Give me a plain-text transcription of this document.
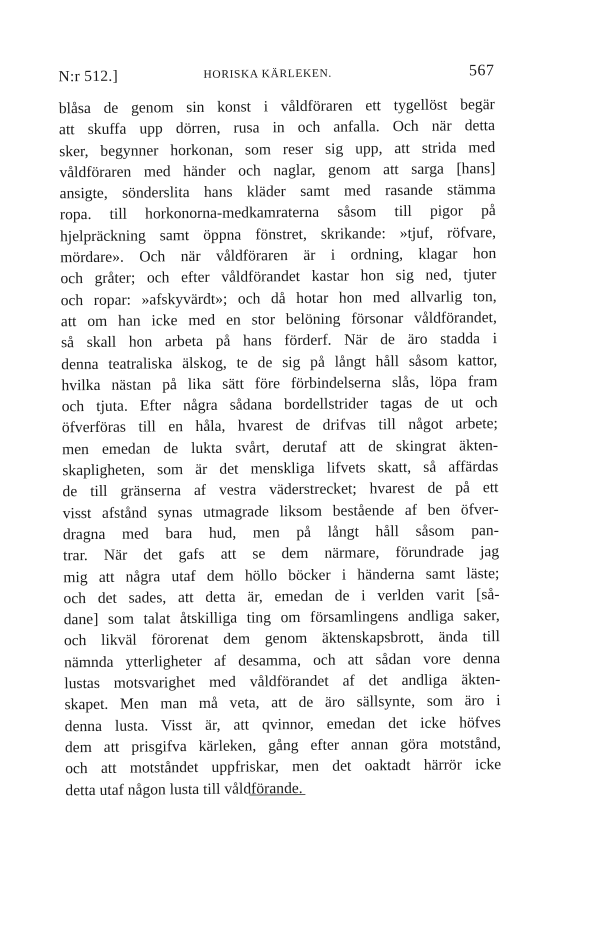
N:r 512.]	HORISKA KÄRLEKEN.	567
blåsa de genom sin konst i våldföraren ett tygellöst begär
att skuffa upp dörren, rusa in och anfalla. Och när detta
sker, begynner horkonan, som reser sig upp, att strida med
våldföraren med händer och naglar, genom att sarga [hans]
ansigte, sönderslita hans kläder samt med rasande stämma
ropa. till horkonorna-medkamraterna såsom till pigor på
hjelpräckning samt öppna fönstret, skrikande: »tjuf, röfvare,
mördare». Och när våldföraren är i ordning, klagar hon
och gråter; och efter våldförandet kastar hon sig ned, tjuter
och ropar: »afskyvärdt»; och då hotar hon med allvarlig ton,
att om han icke med en stor belöning försonar våldförandet,
så skall hon arbeta på hans förderf. När de äro stadda i
denna teatraliska älskog, te de sig på långt håll såsom kattor,
hvilka nästan på lika sätt före förbindelserna slås, löpa fram
och tjuta. Efter några sådana bordellstrider tagas de ut och
öfverföras till en håla, hvarest de drifvas till något arbete;
men emedan de lukta svårt, derutaf att de skingrat äkten-
skapligheten, som är det menskliga lifvets skatt, så affärdas
de till gränserna af vestra väderstrecket; hvarest de på ett
visst afstånd synas utmagrade liksom bestående af ben öfver-
dragna med bara hud, men på långt håll såsom pan-
trar. När det gafs att se dem närmare, förundrade jag
mig att några utaf dem höllo böcker i händerna samt läste;
och det sades, att detta är, emedan de i verlden varit [så-
dane] som talat åtskilliga ting om församlingens andliga saker,
och likväl förorenat dem genom äktenskapsbrott, ända till
nämnda ytterligheter af desamma, och att sådan vore denna
lustas motsvarighet med våldförandet af det andliga äkten-
skapet. Men man må veta, att de äro sällsynte, som äro i
denna lusta. Visst är, att qvinnor, emedan det icke höfves
dem att prisgifva kärleken, gång efter annan göra motstånd,
och att motståndet uppfriskar, men det oaktadt härrör icke
detta utaf någon lusta till våldförande.
